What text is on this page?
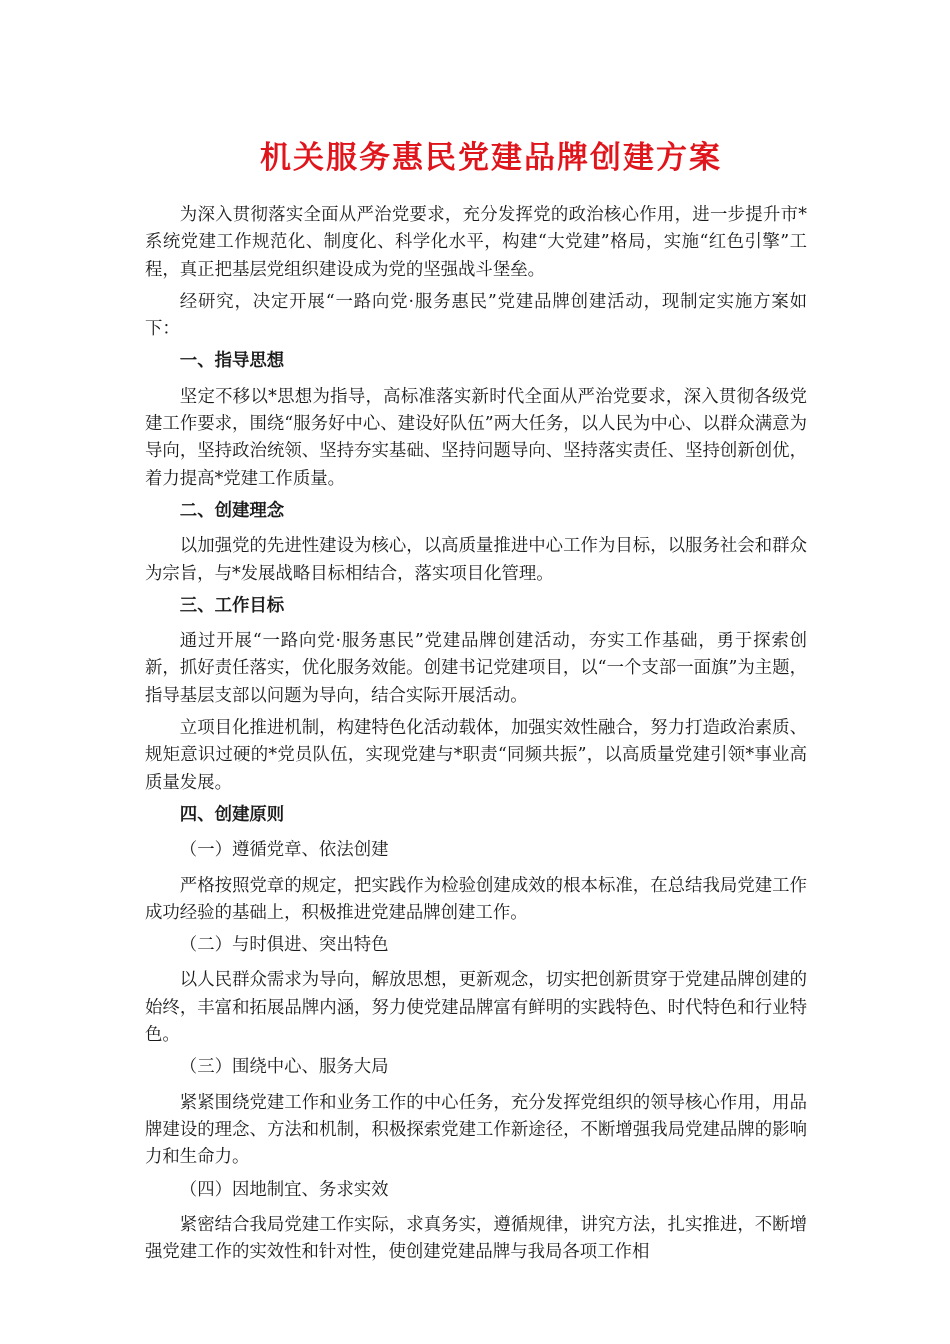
机关服务惠民党建品牌创建方案

为深入贯彻落实全面从严治党要求，充分发挥党的政治核心作用，进一步提升市*系统党建工作规范化、制度化、科学化水平，构建“大党建”格局，实施“红色引擎”工程，真正把基层党组织建设成为党的坚强战斗堡垒。

经研究，决定开展“一路向党·服务惠民”党建品牌创建活动，现制定实施方案如下：

一、指导思想

坚定不移以*思想为指导，高标准落实新时代全面从严治党要求，深入贯彻各级党建工作要求，围绕“服务好中心、建设好队伍”两大任务，以人民为中心、以群众满意为导向，坚持政治统领、坚持夯实基础、坚持问题导向、坚持落实责任、坚持创新创优，着力提高*党建工作质量。

二、创建理念

以加强党的先进性建设为核心，以高质量推进中心工作为目标，以服务社会和群众为宗旨，与*发展战略目标相结合，落实项目化管理。

三、工作目标

通过开展“一路向党·服务惠民”党建品牌创建活动，夯实工作基础，勇于探索创新，抓好责任落实，优化服务效能。创建书记党建项目，以“一个支部一面旗”为主题，指导基层支部以问题为导向，结合实际开展活动。

立项目化推进机制，构建特色化活动载体，加强实效性融合，努力打造政治素质、规矩意识过硬的*党员队伍，实现党建与*职责“同频共振”，以高质量党建引领*事业高质量发展。

四、创建原则
（一）遵循党章、依法创建

严格按照党章的规定，把实践作为检验创建成效的根本标准，在总结我局党建工作成功经验的基础上，积极推进党建品牌创建工作。

（二）与时俱进、突出特色

以人民群众需求为导向，解放思想，更新观念，切实把创新贯穿于党建品牌创建的始终，丰富和拓展品牌内涵，努力使党建品牌富有鲜明的实践特色、时代特色和行业特色。

（三）围绕中心、服务大局

紧紧围绕党建工作和业务工作的中心任务，充分发挥党组织的领导核心作用，用品牌建设的理念、方法和机制，积极探索党建工作新途径，不断增强我局党建品牌的影响力和生命力。

（四）因地制宜、务求实效

紧密结合我局党建工作实际，求真务实，遵循规律，讲究方法，扎实推进，不断增强党建工作的实效性和针对性，使创建党建品牌与我局各项工作相
